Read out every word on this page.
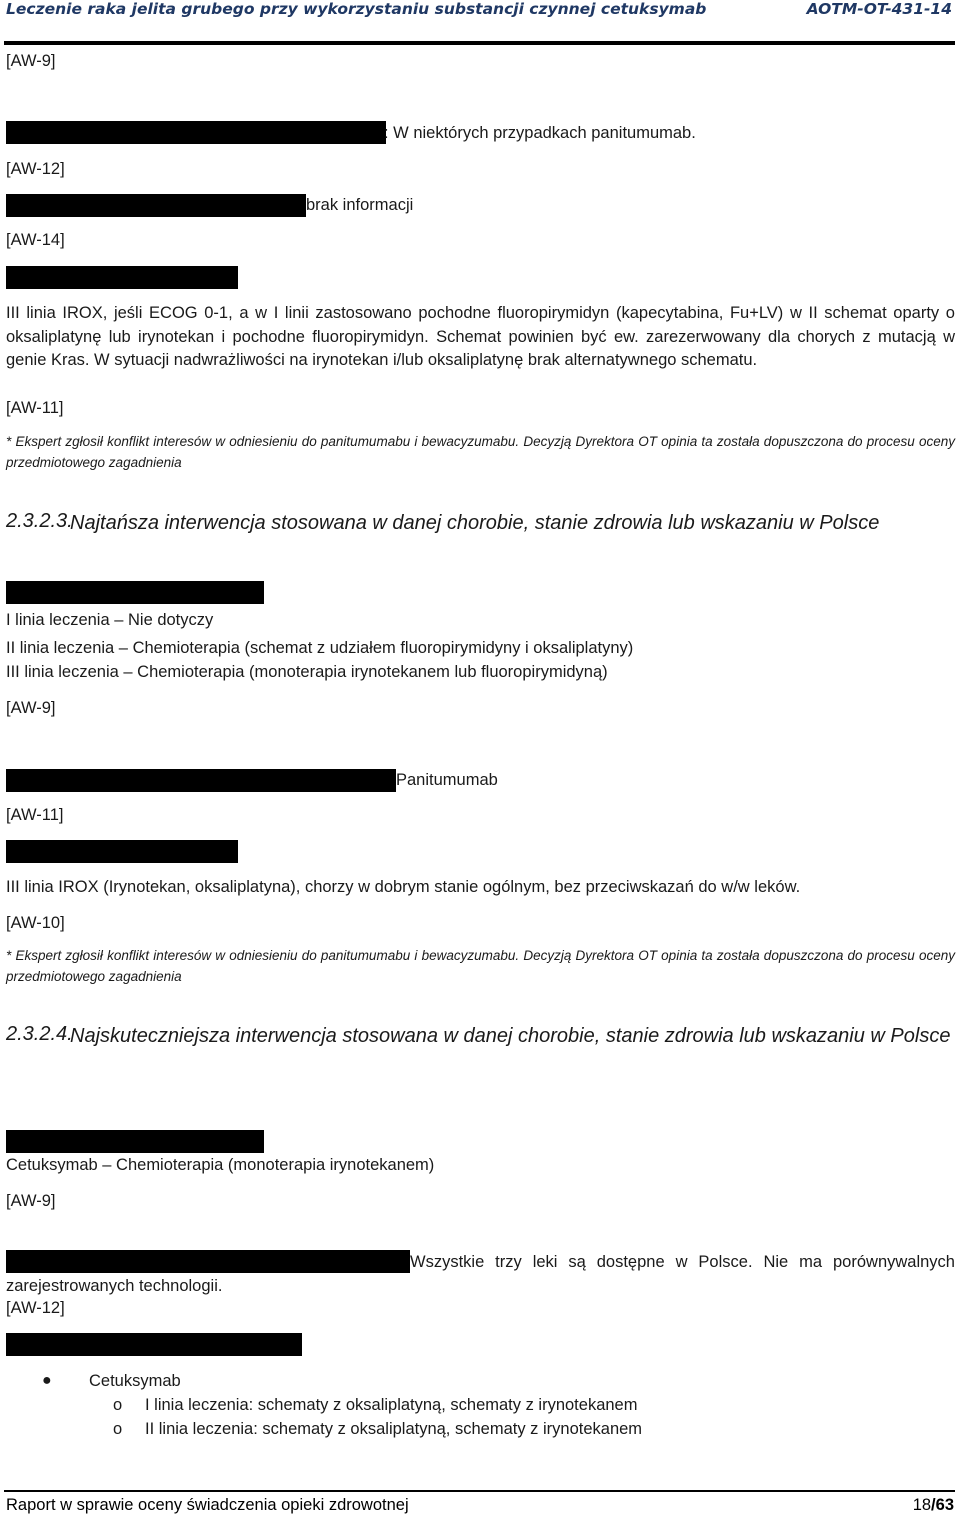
Leczenie raka jelita grubego przy wykorzystaniu substancji czynnej cetuksymab	AOTM-OT-431-14
[AW-9]
: W niektórych przypadkach panitumumab.
[AW-12]
brak informacji
[AW-14]
III linia IROX, jeśli ECOG 0-1, a w I linii zastosowano pochodne fluoropirymidyn (kapecytabina, Fu+LV) w II schemat oparty o oksaliplatynę lub irynotekan i pochodne fluoropirymidyn. Schemat powinien być ew. zarezerwowany dla chorych z mutacją w genie Kras. W sytuacji nadwrażliwości na irynotekan i/lub oksaliplatynę brak alternatywnego schematu.
[AW-11]
* Ekspert zgłosił konflikt interesów w odniesieniu do panitumumabu i bewacyzumabu. Decyzją Dyrektora OT opinia ta została dopuszczona do procesu oceny przedmiotowego zagadnienia
2.3.2.3.
Najtańsza interwencja stosowana w danej chorobie, stanie zdrowia lub wskazaniu w Polsce
I linia leczenia – Nie dotyczy
II linia leczenia – Chemioterapia (schemat z udziałem fluoropirymidyny i oksaliplatyny)
III linia leczenia – Chemioterapia (monoterapia irynotekanem lub fluoropirymidyną)
[AW-9]
Panitumumab
[AW-11]
III linia IROX (Irynotekan, oksaliplatyna), chorzy w dobrym stanie ogólnym, bez przeciwskazań do w/w leków.
[AW-10]
* Ekspert zgłosił konflikt interesów w odniesieniu do panitumumabu i bewacyzumabu. Decyzją Dyrektora OT opinia ta została dopuszczona do procesu oceny przedmiotowego zagadnienia
2.3.2.4.
Najskuteczniejsza interwencja stosowana w danej chorobie, stanie zdrowia lub wskazaniu w Polsce
Cetuksymab – Chemioterapia (monoterapia irynotekanem)
[AW-9]
Wszystkie trzy leki są dostępne w Polsce. Nie ma porównywalnych zarejestrowanych technologii.
[AW-12]
● Cetuksymab
o I linia leczenia: schematy z oksaliplatyną, schematy z irynotekanem
o II linia leczenia: schematy z oksaliplatyną, schematy z irynotekanem
Raport w sprawie oceny świadczenia opieki zdrowotnej	18/63
